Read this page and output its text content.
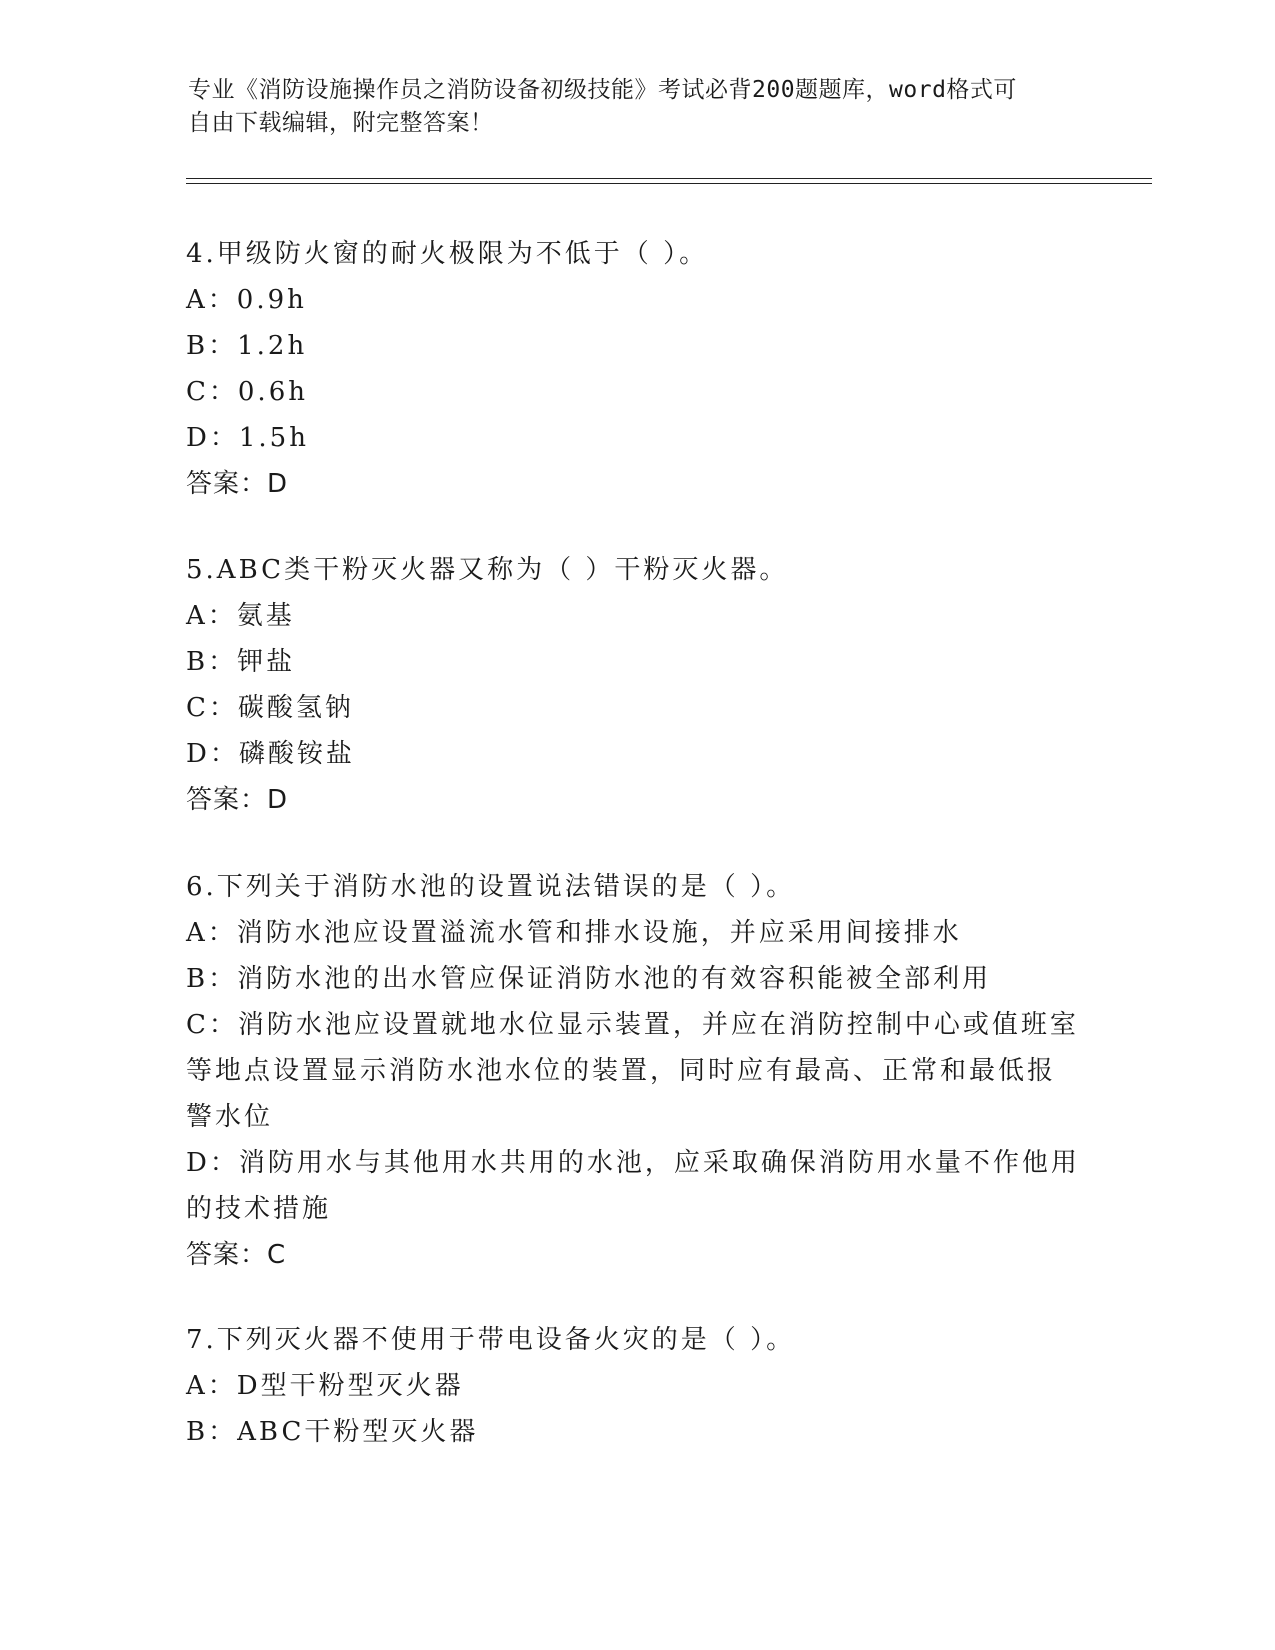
专业《消防设施操作员之消防设备初级技能》考试必背200题题库，word格式可
自由下载编辑，附完整答案！
4.甲级防火窗的耐火极限为不低于（ ）。
A：0.9h
B：1.2h
C：0.6h
D：1.5h
答案：D
5.ABC类干粉灭火器又称为（ ）干粉灭火器。
A：氨基
B：钾盐
C：碳酸氢钠
D：磷酸铵盐
答案：D
6.下列关于消防水池的设置说法错误的是（ ）。
A：消防水池应设置溢流水管和排水设施，并应采用间接排水
B：消防水池的出水管应保证消防水池的有效容积能被全部利用
C：消防水池应设置就地水位显示装置，并应在消防控制中心或值班室
等地点设置显示消防水池水位的装置，同时应有最高、正常和最低报
警水位
D：消防用水与其他用水共用的水池，应采取确保消防用水量不作他用
的技术措施
答案：C
7.下列灭火器不使用于带电设备火灾的是（ ）。
A：D型干粉型灭火器
B：ABC干粉型灭火器
